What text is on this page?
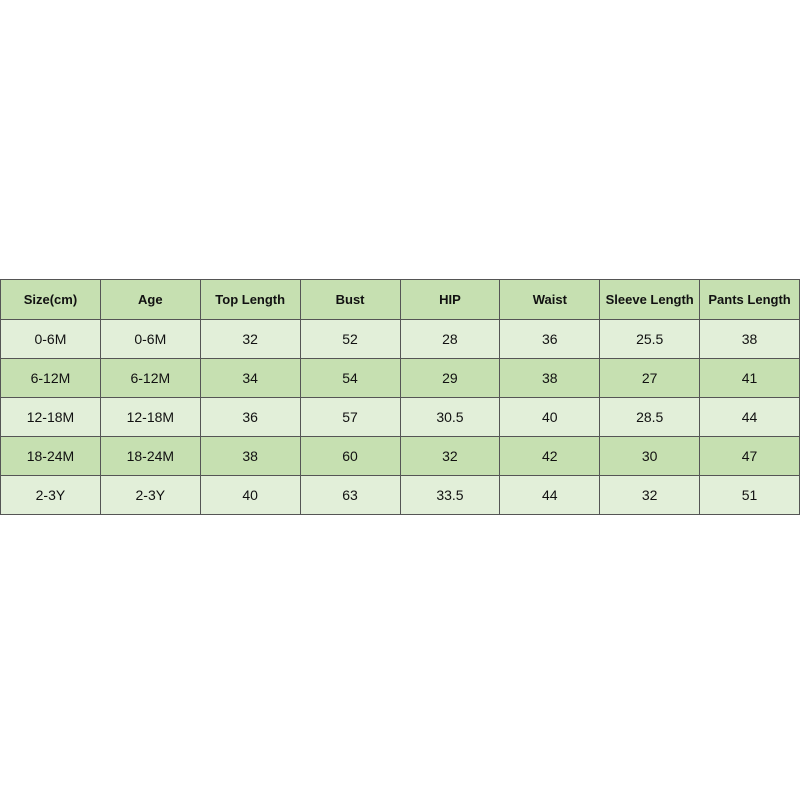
Size(cm)	Age	Top Length	Bust	HIP	Waist	Sleeve Length	Pants Length
0-6M	0-6M	32	52	28	36	25.5	38
6-12M	6-12M	34	54	29	38	27	41
12-18M	12-18M	36	57	30.5	40	28.5	44
18-24M	18-24M	38	60	32	42	30	47
2-3Y	2-3Y	40	63	33.5	44	32	51
